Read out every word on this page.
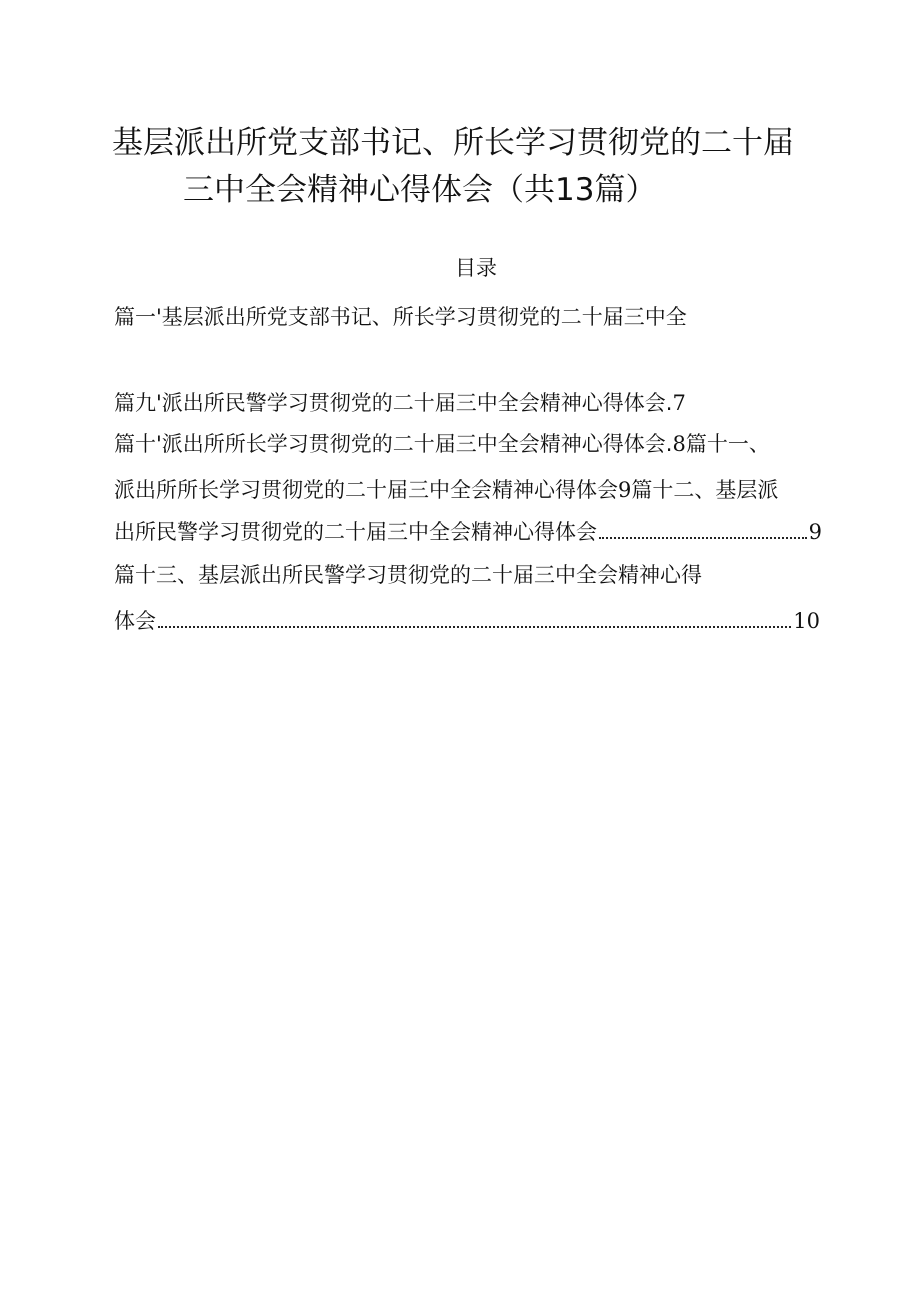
基层派出所党支部书记、所长学习贯彻党的二十届
三中全会精神心得体会（共13篇）
目录
篇一'基层派出所党支部书记、所长学习贯彻党的二十届三中全
篇九'派出所民警学习贯彻党的二十届三中全会精神心得体会.7
篇十'派出所所长学习贯彻党的二十届三中全会精神心得体会.8篇十一、
派出所所长学习贯彻党的二十届三中全会精神心得体会9篇十二、基层派
出所民警学习贯彻党的二十届三中全会精神心得体会	9
篇十三、基层派出所民警学习贯彻党的二十届三中全会精神心得
体会	10
